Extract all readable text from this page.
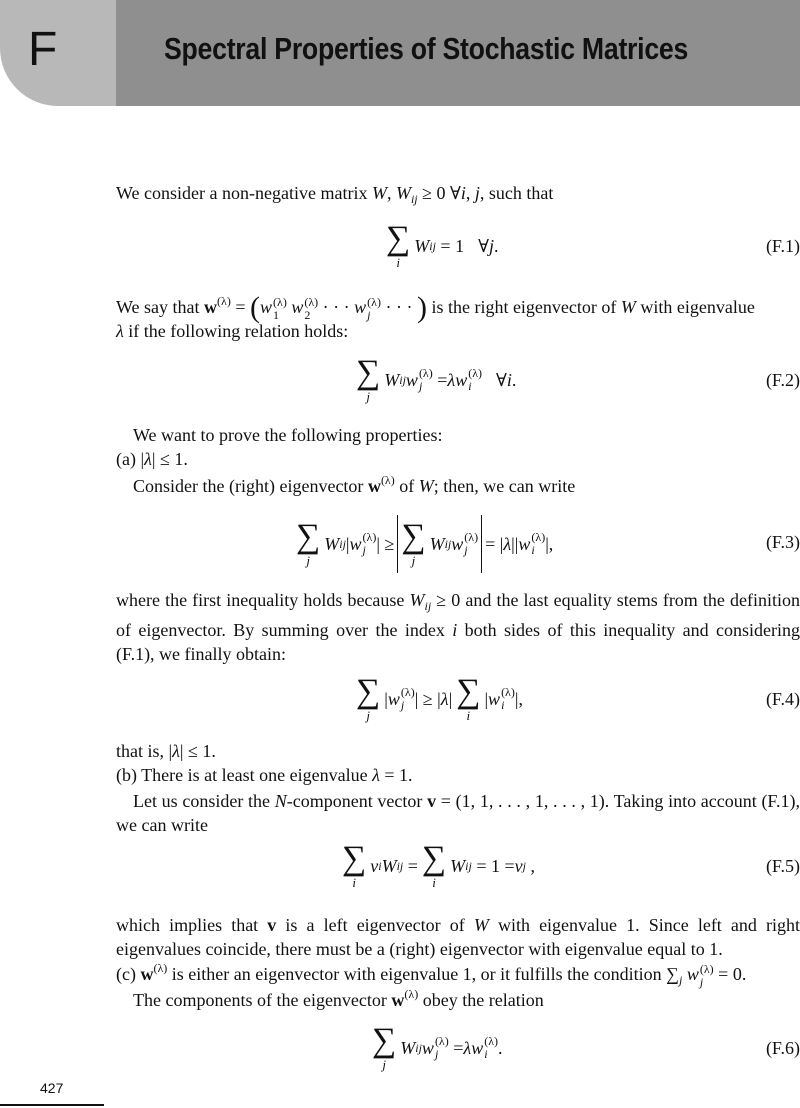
F	Spectral Properties of Stochastic Matrices
We consider a non-negative matrix W, $W_{ij} \ge 0$ ∀i, j, such that
∑
i
W ij = 1 ∀ j .	(F.1)
We say that $w^{(\lambda)} = (w$ (λ)
1 w (λ)
2 · · · w (λ)
j · · · ) is the right eigenvector of W with eigenvalue
λ if the following relation holds:
∑
j
W ij w (λ)
j = λw (λ)
i	∀ i .	(F.2)
We want to prove the following properties:
(a) |λ| ≤ 1.
Consider the (right) eigenvector $w^{(\lambda)}$ of W; then, we can write
∑
j
W ij | w (λ)
j | ≥ ∑
j
W ij w (λ)
j = | λ || w (λ)
i |,	(F.3)
where the first inequality holds because $W_{ij} \ge 0$ and the last equality stems from the definition of eigenvector. By summing over the index i both sides of this inequality and considering (F.1), we finally obtain:
∑
j
| w (λ)
j | ≥ | λ | ∑
i
| w (λ)
i |,	(F.4)
that is, |λ| ≤ 1.
(b) There is at least one eigenvalue λ = 1.
Let us consider the N-component vector v = (1, 1, . . . , 1, . . . , 1). Taking into account (F.1), we can write
∑
i
v i W ij = ∑
i
W ij = 1 = v j ,	(F.5)
which implies that v is a left eigenvector of W with eigenvalue 1. Since left and right eigenvalues coincide, there must be a (right) eigenvector with eigenvalue equal to 1.
(c) $w^{(\lambda)}$ is either an eigenvector with eigenvalue 1, or it fulfills the condition $\sum_j$ w (λ)
j = 0.
The components of the eigenvector $w^{(\lambda)}$ obey the relation
∑
j
W ij w (λ)
j = λw (λ)
i .	(F.6)
427
